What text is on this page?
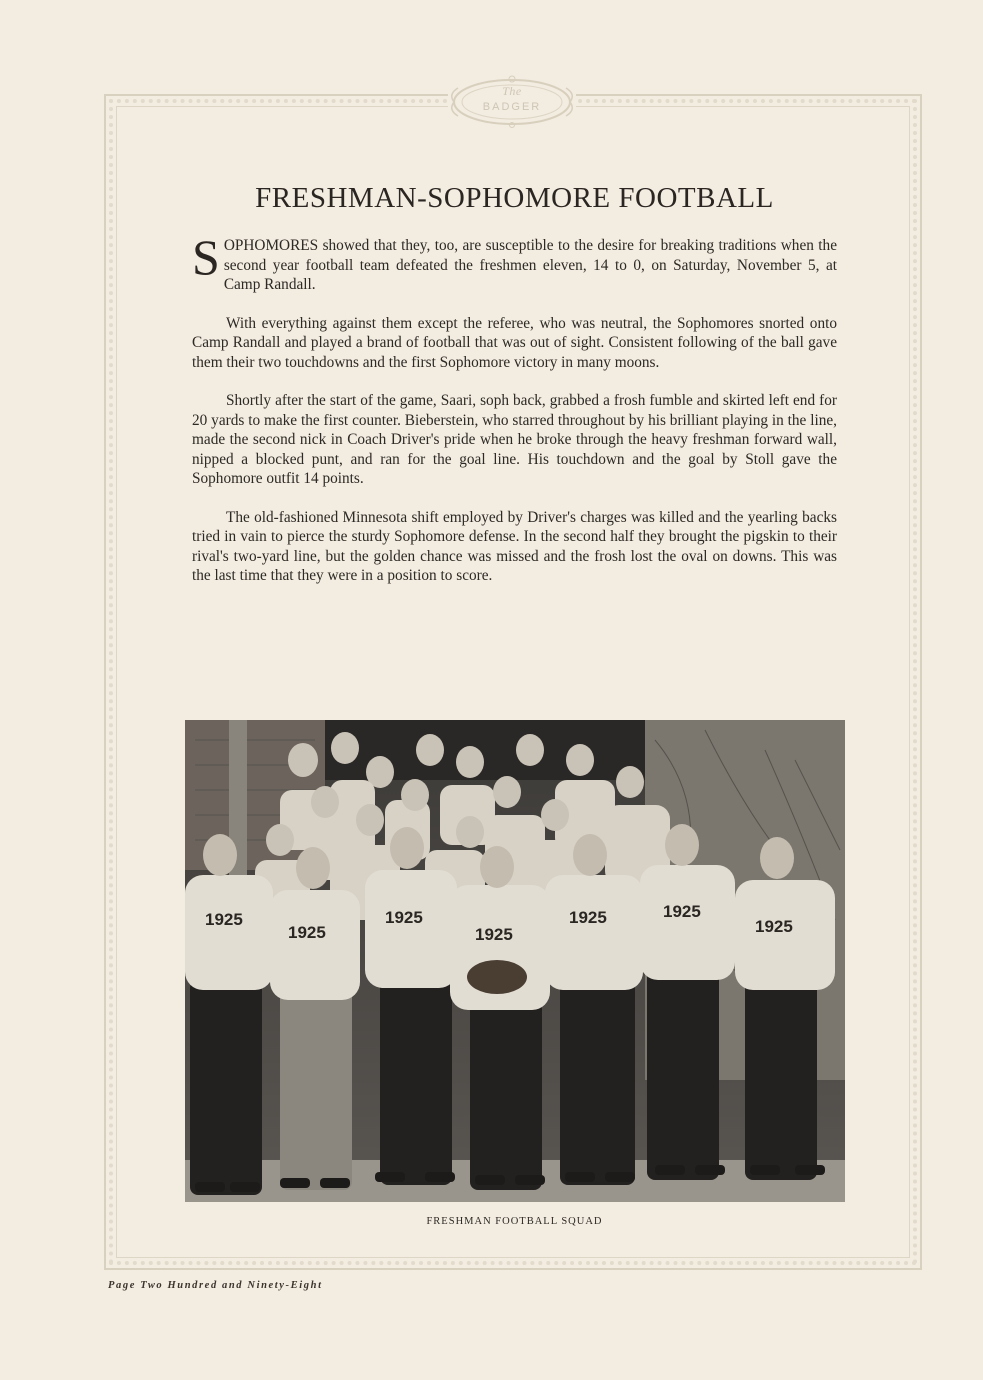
The
BADGER
FRESHMAN-SOPHOMORE FOOTBALL

SOPHOMORES showed that they, too, are susceptible to the desire for breaking traditions when the second year football team defeated the freshmen eleven, 14 to 0, on Saturday, November 5, at Camp Randall.

With everything against them except the referee, who was neutral, the Sophomores snorted onto Camp Randall and played a brand of football that was out of sight. Consistent following of the ball gave them their two touchdowns and the first Sophomore victory in many moons.

Shortly after the start of the game, Saari, soph back, grabbed a frosh fumble and skirted left end for 20 yards to make the first counter. Bieberstein, who starred throughout by his brilliant playing in the line, made the second nick in Coach Driver's pride when he broke through the heavy freshman forward wall, nipped a blocked punt, and ran for the goal line. His touchdown and the goal by Stoll gave the Sophomore outfit 14 points.

The old-fashioned Minnesota shift employed by Driver's charges was killed and the yearling backs tried in vain to pierce the sturdy Sophomore defense. In the second half they brought the pigskin to their rival's two-yard line, but the golden chance was missed and the frosh lost the oval on downs. This was the last time that they were in a position to score.

1925
1925
1925
1925
1925	1925
1925
FRESHMAN FOOTBALL SQUAD
Page Two Hundred and Ninety-Eight
